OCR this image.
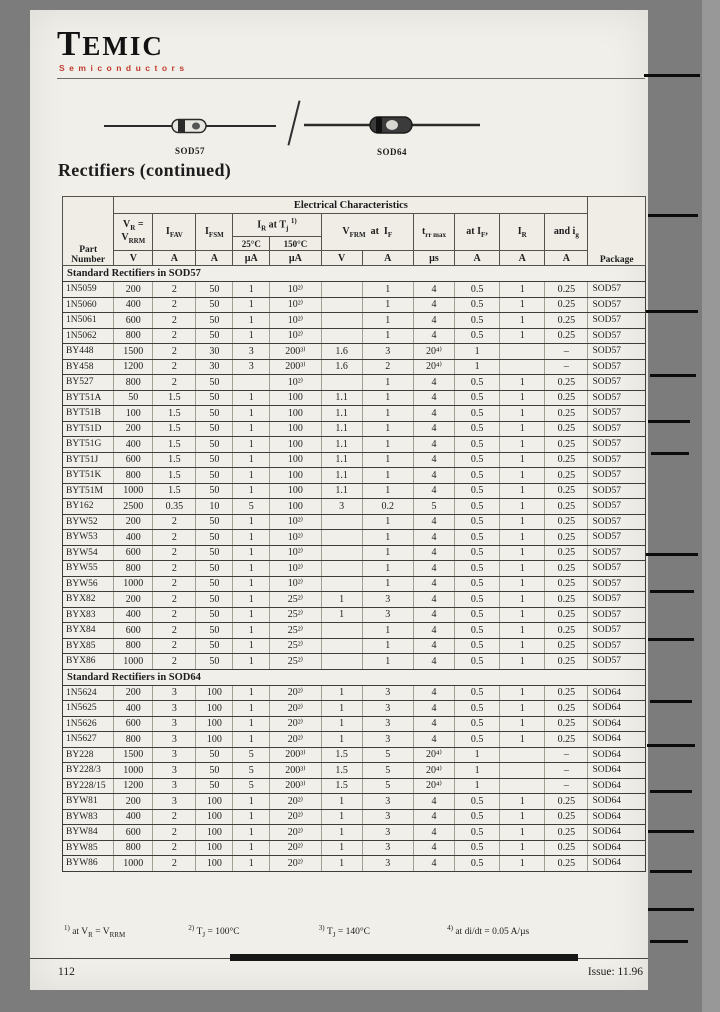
TEMIC
Semiconductors
SOD57	SOD64
Rectifiers (continued)
Part
Number	Electrical Characteristics											Package
	$V_R$ =
$V_{RRM}$	$I_{FAV}$	$I_{FSM}$	$I_R$ at $T_j$ $^{1)}$		$V_{FRM}$  at  $I_F$		$t_{rr max}$	at $I_F$,	$I_R$	and $i_g$
				25°C	150°C							
	V	A	A	µA	µA	V	A	µs	A	A	A	
Standard Rectifiers in SOD57												
1N5059	200	2	50	1	10²⁾		1	4	0.5	1	0.25	SOD57
1N5060	400	2	50	1	10²⁾		1	4	0.5	1	0.25	SOD57
1N5061	600	2	50	1	10²⁾		1	4	0.5	1	0.25	SOD57
1N5062	800	2	50	1	10²⁾		1	4	0.5	1	0.25	SOD57
BY448	1500	2	30	3	200³⁾	1.6	3	20⁴⁾	1		–	SOD57
BY458	1200	2	30	3	200³⁾	1.6	2	20⁴⁾	1		–	SOD57
BY527	800	2	50		10²⁾		1	4	0.5	1	0.25	SOD57
BYT51A	50	1.5	50	1	100	1.1	1	4	0.5	1	0.25	SOD57
BYT51B	100	1.5	50	1	100	1.1	1	4	0.5	1	0.25	SOD57
BYT51D	200	1.5	50	1	100	1.1	1	4	0.5	1	0.25	SOD57
BYT51G	400	1.5	50	1	100	1.1	1	4	0.5	1	0.25	SOD57
BYT51J	600	1.5	50	1	100	1.1	1	4	0.5	1	0.25	SOD57
BYT51K	800	1.5	50	1	100	1.1	1	4	0.5	1	0.25	SOD57
BYT51M	1000	1.5	50	1	100	1.1	1	4	0.5	1	0.25	SOD57
BY162	2500	0.35	10	5	100	3	0.2	5	0.5	1	0.25	SOD57
BYW52	200	2	50	1	10²⁾		1	4	0.5	1	0.25	SOD57
BYW53	400	2	50	1	10²⁾		1	4	0.5	1	0.25	SOD57
BYW54	600	2	50	1	10²⁾		1	4	0.5	1	0.25	SOD57
BYW55	800	2	50	1	10²⁾		1	4	0.5	1	0.25	SOD57
BYW56	1000	2	50	1	10²⁾		1	4	0.5	1	0.25	SOD57
BYX82	200	2	50	1	25²⁾	1	3	4	0.5	1	0.25	SOD57
BYX83	400	2	50	1	25²⁾	1	3	4	0.5	1	0.25	SOD57
BYX84	600	2	50	1	25²⁾		1	4	0.5	1	0.25	SOD57
BYX85	800	2	50	1	25²⁾		1	4	0.5	1	0.25	SOD57
BYX86	1000	2	50	1	25²⁾		1	4	0.5	1	0.25	SOD57
Standard Rectifiers in SOD64												
1N5624	200	3	100	1	20²⁾	1	3	4	0.5	1	0.25	SOD64
1N5625	400	3	100	1	20²⁾	1	3	4	0.5	1	0.25	SOD64
1N5626	600	3	100	1	20²⁾	1	3	4	0.5	1	0.25	SOD64
1N5627	800	3	100	1	20²⁾	1	3	4	0.5	1	0.25	SOD64
BY228	1500	3	50	5	200³⁾	1.5	5	20⁴⁾	1		–	SOD64
BY228/3	1000	3	50	5	200³⁾	1.5	5	20⁴⁾	1		–	SOD64
BY228/15	1200	3	50	5	200³⁾	1.5	5	20⁴⁾	1		–	SOD64
BYW81	200	3	100	1	20²⁾	1	3	4	0.5	1	0.25	SOD64
BYW83	400	2	100	1	20²⁾	1	3	4	0.5	1	0.25	SOD64
BYW84	600	2	100	1	20²⁾	1	3	4	0.5	1	0.25	SOD64
BYW85	800	2	100	1	20²⁾	1	3	4	0.5	1	0.25	SOD64
BYW86	1000	2	100	1	20²⁾	1	3	4	0.5	1	0.25	SOD64
$^{1)}$ at $V_R = V_{RRM}$ $^{2)}$ $T_J = 100^\circ C$	$^{3)}$ $T_J = 140^\circ C$	$^{4)}$ at di/dt = 0.05 A/µs
112	Issue: 11.96
